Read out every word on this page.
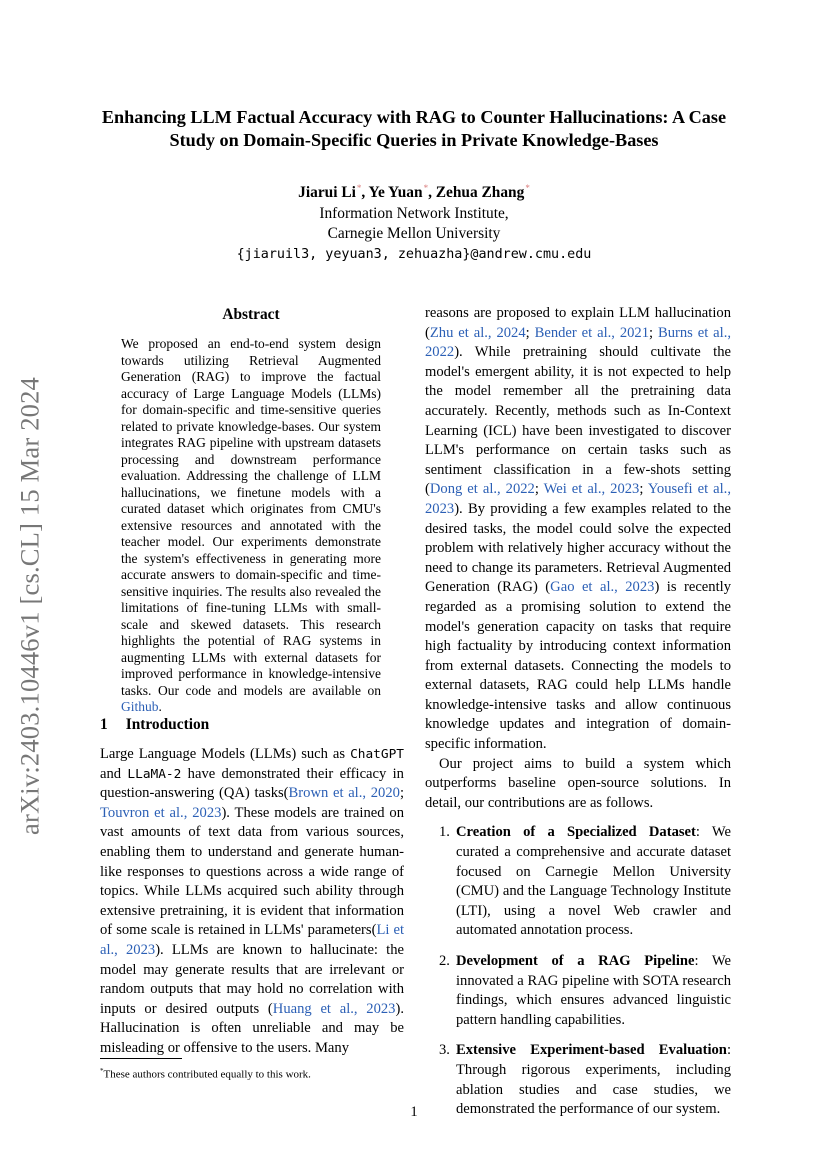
Enhancing LLM Factual Accuracy with RAG to Counter Hallucinations: A Case Study on Domain-Specific Queries in Private Knowledge-Bases
Jiarui Li*, Ye Yuan*, Zehua Zhang*
Information Network Institute,
Carnegie Mellon University
{jiaruil3, yeyuan3, zehuazha}@andrew.cmu.edu
arXiv:2403.10446v1 [cs.CL] 15 Mar 2024
Abstract
We proposed an end-to-end system design towards utilizing Retrieval Augmented Generation (RAG) to improve the factual accuracy of Large Language Models (LLMs) for domain-specific and time-sensitive queries related to private knowledge-bases. Our system integrates RAG pipeline with upstream datasets processing and downstream performance evaluation. Addressing the challenge of LLM hallucinations, we finetune models with a curated dataset which originates from CMU's extensive resources and annotated with the teacher model. Our experiments demonstrate the system's effectiveness in generating more accurate answers to domain-specific and time-sensitive inquiries. The results also revealed the limitations of fine-tuning LLMs with small-scale and skewed datasets. This research highlights the potential of RAG systems in augmenting LLMs with external datasets for improved performance in knowledge-intensive tasks. Our code and models are available on Github.
1 Introduction

Large Language Models (LLMs) such as ChatGPT and LLaMA-2 have demonstrated their efficacy in question-answering (QA) tasks(Brown et al., 2020; Touvron et al., 2023). These models are trained on vast amounts of text data from various sources, enabling them to understand and generate human-like responses to questions across a wide range of topics. While LLMs acquired such ability through extensive pretraining, it is evident that information of some scale is retained in LLMs' parameters(Li et al., 2023). LLMs are known to hallucinate: the model may generate results that are irrelevant or random outputs that may hold no correlation with inputs or desired outputs (Huang et al., 2023). Hallucination is often unreliable and may be misleading or offensive to the users. Many

reasons are proposed to explain LLM hallucination (Zhu et al., 2024; Bender et al., 2021; Burns et al., 2022). While pretraining should cultivate the model's emergent ability, it is not expected to help the model remember all the pretraining data accurately. Recently, methods such as In-Context Learning (ICL) have been investigated to discover LLM's performance on certain tasks such as sentiment classification in a few-shots setting (Dong et al., 2022; Wei et al., 2023; Yousefi et al., 2023). By providing a few examples related to the desired tasks, the model could solve the expected problem with relatively higher accuracy without the need to change its parameters. Retrieval Augmented Generation (RAG) (Gao et al., 2023) is recently regarded as a promising solution to extend the model's generation capacity on tasks that require high factuality by introducing context information from external datasets. Connecting the models to external datasets, RAG could help LLMs handle knowledge-intensive tasks and allow continuous knowledge updates and integration of domain-specific information.

Our project aims to build a system which outperforms baseline open-source solutions. In detail, our contributions are as follows.

1. Creation of a Specialized Dataset: We curated a comprehensive and accurate dataset focused on Carnegie Mellon University (CMU) and the Language Technology Institute (LTI), using a novel Web crawler and automated annotation process.
2. Development of a RAG Pipeline: We innovated a RAG pipeline with SOTA research findings, which ensures advanced linguistic pattern handling capabilities.
3. Extensive Experiment-based Evaluation: Through rigorous experiments, including ablation studies and case studies, we demonstrated the performance of our system.
*These authors contributed equally to this work.
1
